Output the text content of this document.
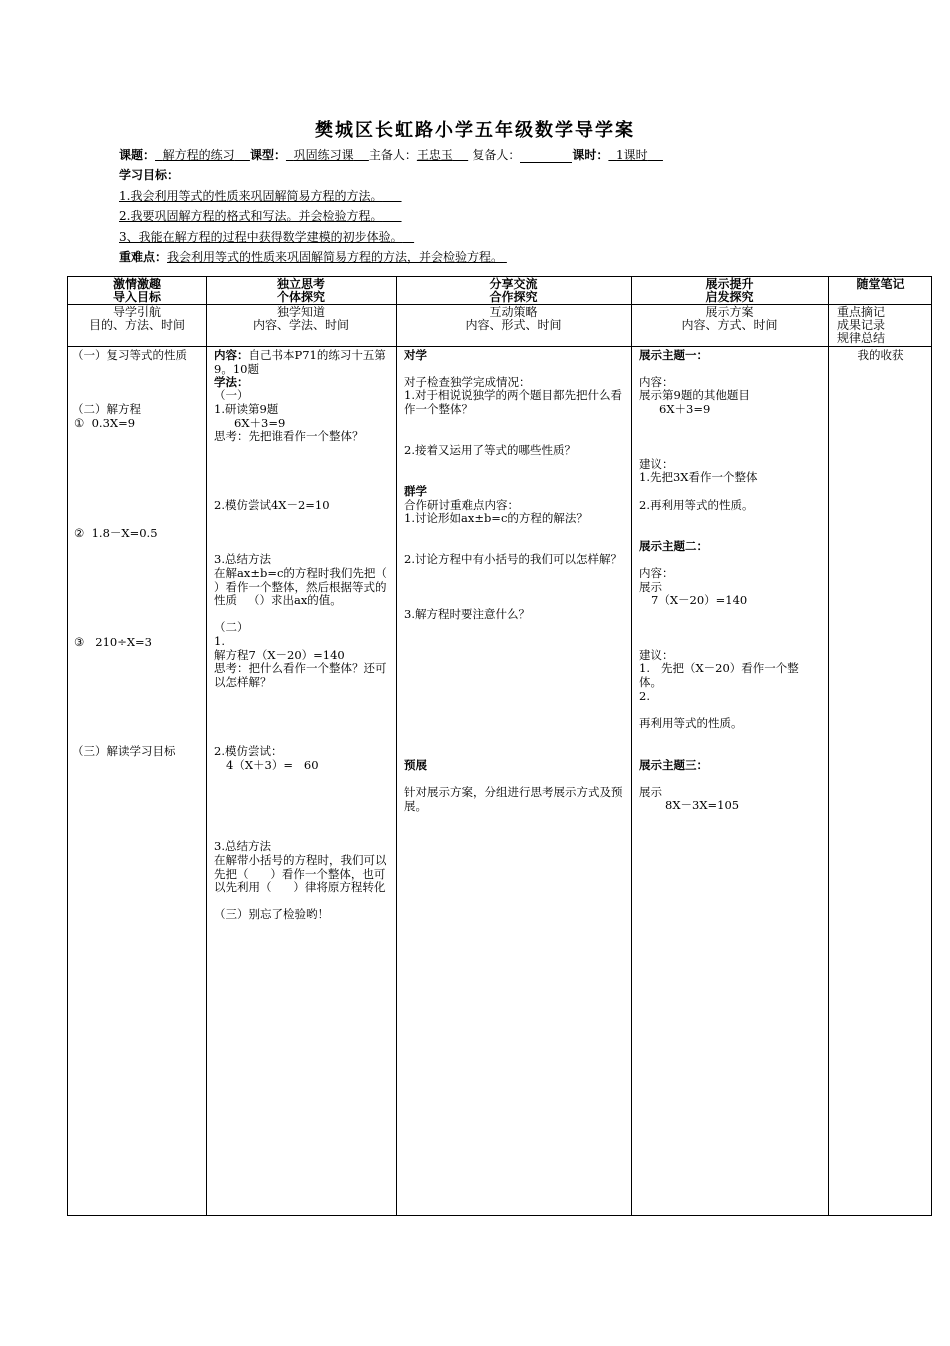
樊城区长虹路小学五年级数学导学案
课题： 解方程的练习 课型： 巩固练习课 主备人：王忠玉 复备人：	课时： 1课时
学习目标：
1.我会利用等式的性质来巩固解简易方程的方法。
2.我要巩固解方程的格式和写法。并会检验方程。
3、我能在解方程的过程中获得数学建模的初步体验。
重难点：我会利用等式的性质来巩固解简易方程的方法，并会检验方程。
激情激趣
导入目标
独立思考
个体探究
分享交流
合作探究
展示提升
启发探究
随堂笔记
导学引航
目的、方法、时间
独学知道
内容、学法、时间
互动策略
内容、形式、时间
展示方案
内容、方式、时间
重点摘记
成果记录
规律总结
（一）复习等式的性质
（二）解方程
①  0.3X=9
②  1.8－X=0.5
③   210÷X=3
（三）解读学习目标
内容：自己书本P71的练习十五第9。10题
学法：
（一）
1.研读第9题
6X＋3=9
思考：先把谁看作一个整体？
2.模仿尝试4X－2=10
3.总结方法
在解ax±b=c的方程时我们先把（      ）看作一个整体，然后根据等式的性质   （）求出ax的值。
（二）
1.
解方程7（X－20）=140
思考：把什么看作一个整体？还可以怎样解？
2.模仿尝试：
4（X＋3）=   60
3.总结方法
在解带小括号的方程时，我们可以先把（      ）看作一个整体，也可以先利用（      ）律将原方程转化
（三）别忘了检验哟！
对学
对子检查独学完成情况：
1.对于相说说独学的两个题目都先把什么看作一个整体？
2.接着又运用了等式的哪些性质？
群学
合作研讨重难点内容：
1.讨论形如ax±b=c的方程的解法？
2.讨论方程中有小括号的我们可以怎样解？
3.解方程时要注意什么？
预展
针对展示方案，分组进行思考展示方式及预展。
展示主题一：
内容：
展示第9题的其他题目
6X＋3=9
建议：
1.先把3X看作一个整体
2.再利用等式的性质。
展示主题二：
内容：
展示
7（X－20）=140
建议：
1.   先把（X－20）看作一个整体。
2.
再利用等式的性质。
展示主题三：
展示
8X－3X=105
我的收获
